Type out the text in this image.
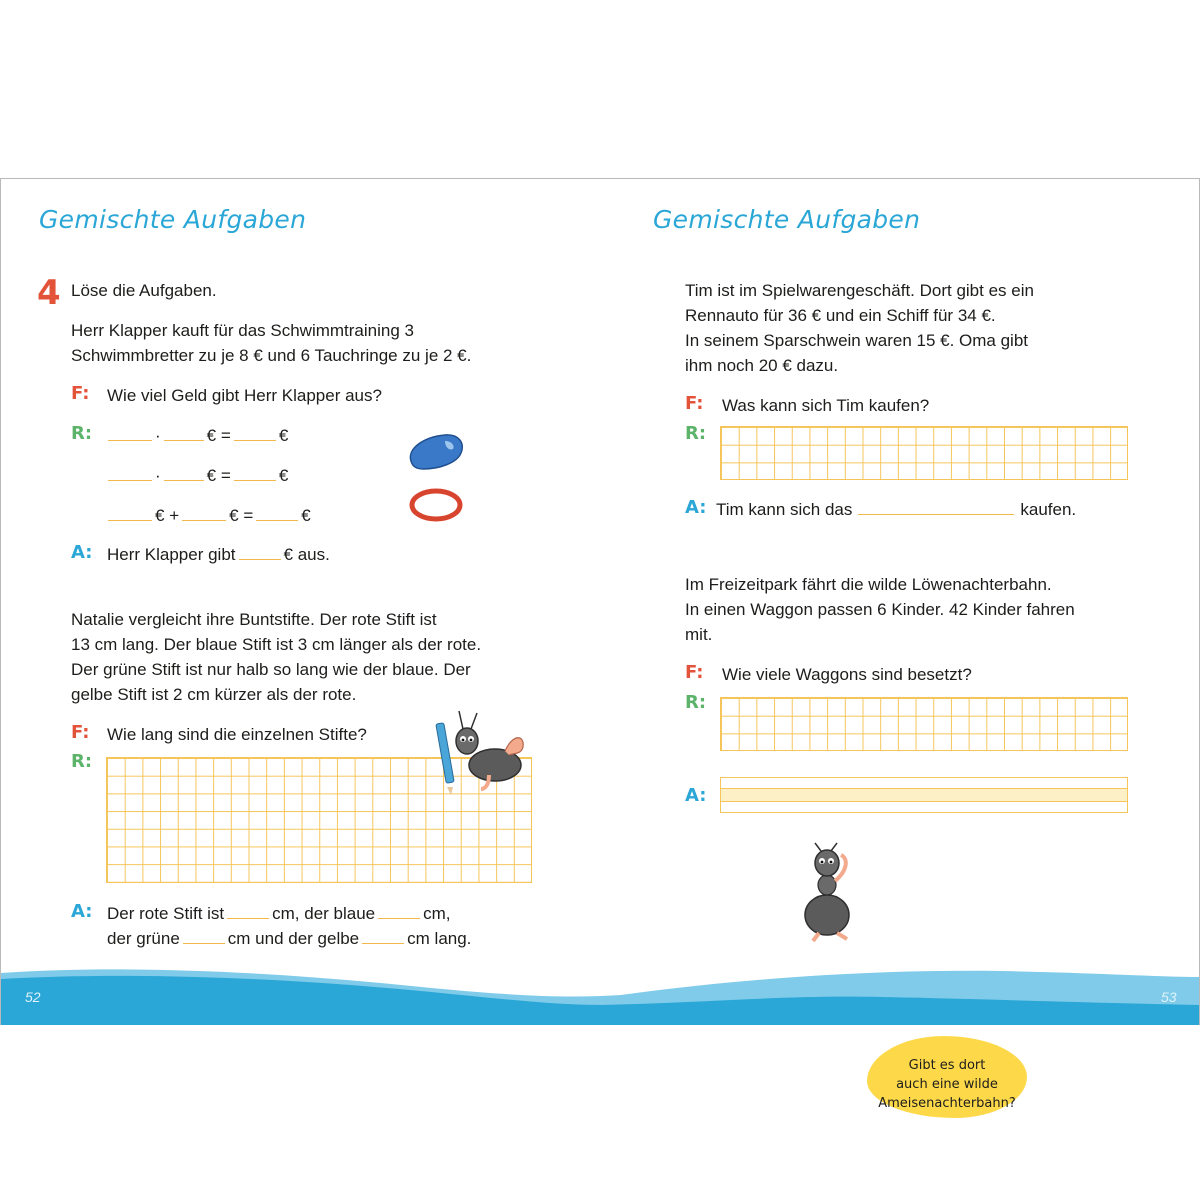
Gemischte Aufgaben
4 Löse die Aufgaben.
Herr Klapper kauft für das Schwimmtraining 3
Schwimmbretter zu je 8 € und 6 Tauchringe zu je 2 €.
F: Wie viel Geld gibt Herr Klapper aus?
R:	·	€ =	€
·	€ =	€
€ +	€ =	€
A: Herr Klapper gibt	€ aus.
Natalie vergleicht ihre Buntstifte. Der rote Stift ist
13 cm lang. Der blaue Stift ist 3 cm länger als der rote.
Der grüne Stift ist nur halb so lang wie der blaue. Der
gelbe Stift ist 2 cm kürzer als der rote.
F: Wie lang sind die einzelnen Stifte?
R:
A: Der rote Stift ist	cm, der blaue	cm,
der grüne	cm und der gelbe	cm lang.
Gemischte Aufgaben
Tim ist im Spielwarengeschäft. Dort gibt es ein
Rennauto für 36 € und ein Schiff für 34 €.
In seinem Sparschwein waren 15 €. Oma gibt
ihm noch 20 € dazu.
F: Was kann sich Tim kaufen?
R:
A: Tim kann sich das	kaufen.
Im Freizeitpark fährt die wilde Löwenachterbahn.
In einen Waggon passen 6 Kinder. 42 Kinder fahren
mit.
F: Wie viele Waggons sind besetzt?
R:
A:
Gibt es dort
auch eine wilde
Ameisenachterbahn?
52	53
